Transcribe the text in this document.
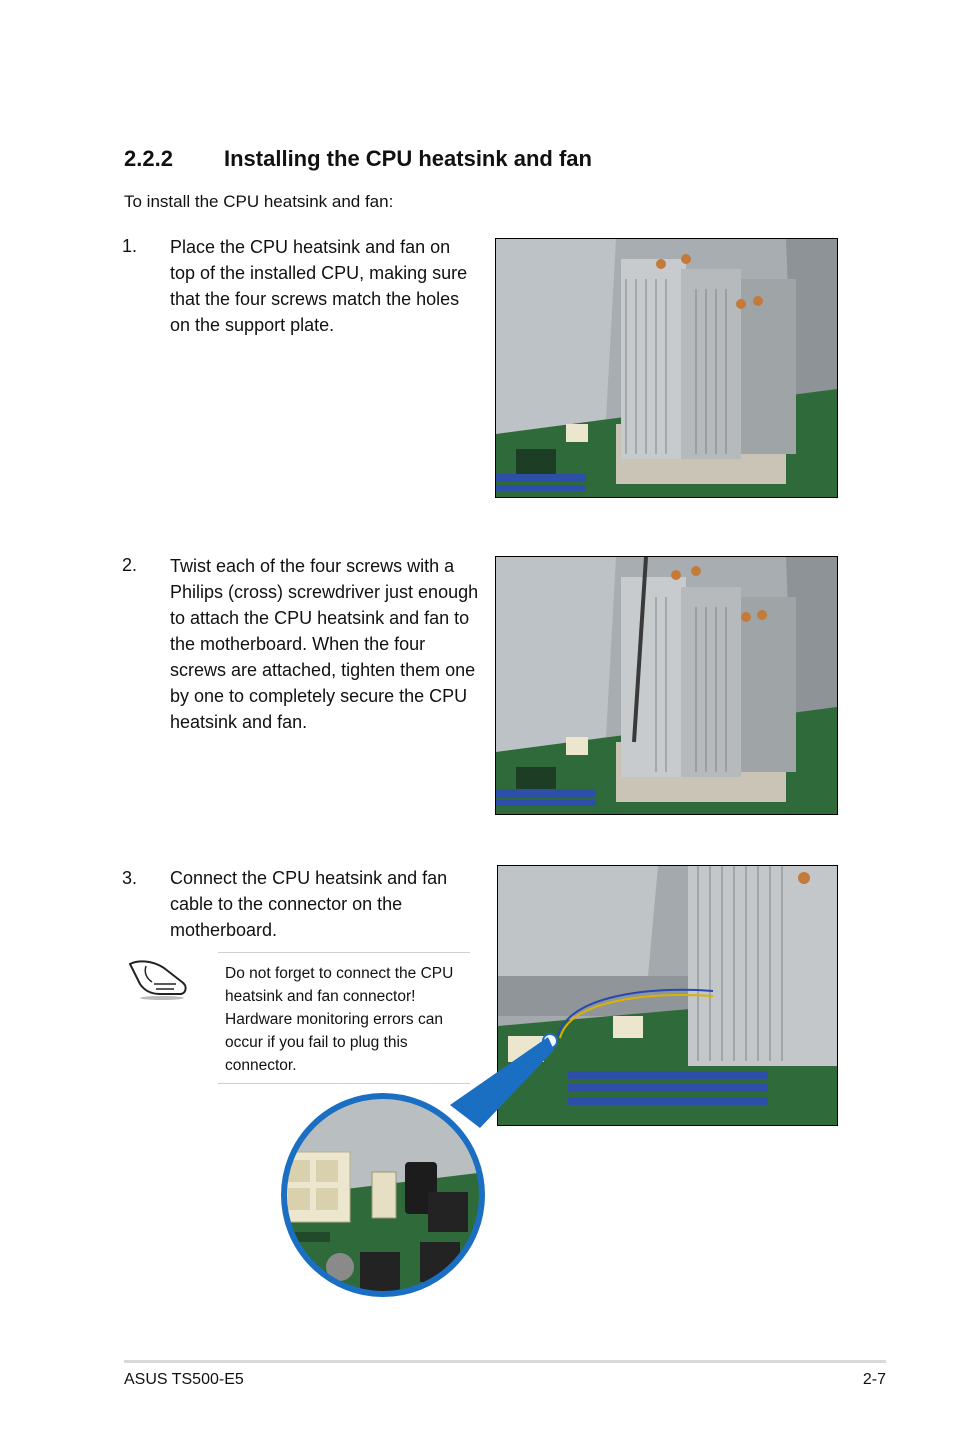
2.2.2 Installing the CPU heatsink and fan
To install the CPU heatsink and fan:
1. Place the CPU heatsink and fan on top of the installed CPU, making sure that the four screws match the holes on the support plate.
2. Twist each of the four screws with a Philips (cross) screwdriver just enough to attach the CPU heatsink and fan to the motherboard. When the four screws are attached, tighten them one by one to completely secure the CPU heatsink and fan.
3. Connect the CPU heatsink and fan cable to the connector on the motherboard.
Do not forget to connect the CPU heatsink and fan connector! Hardware monitoring errors can occur if you fail to plug this connector.
ASUS TS500-E5	2-7
